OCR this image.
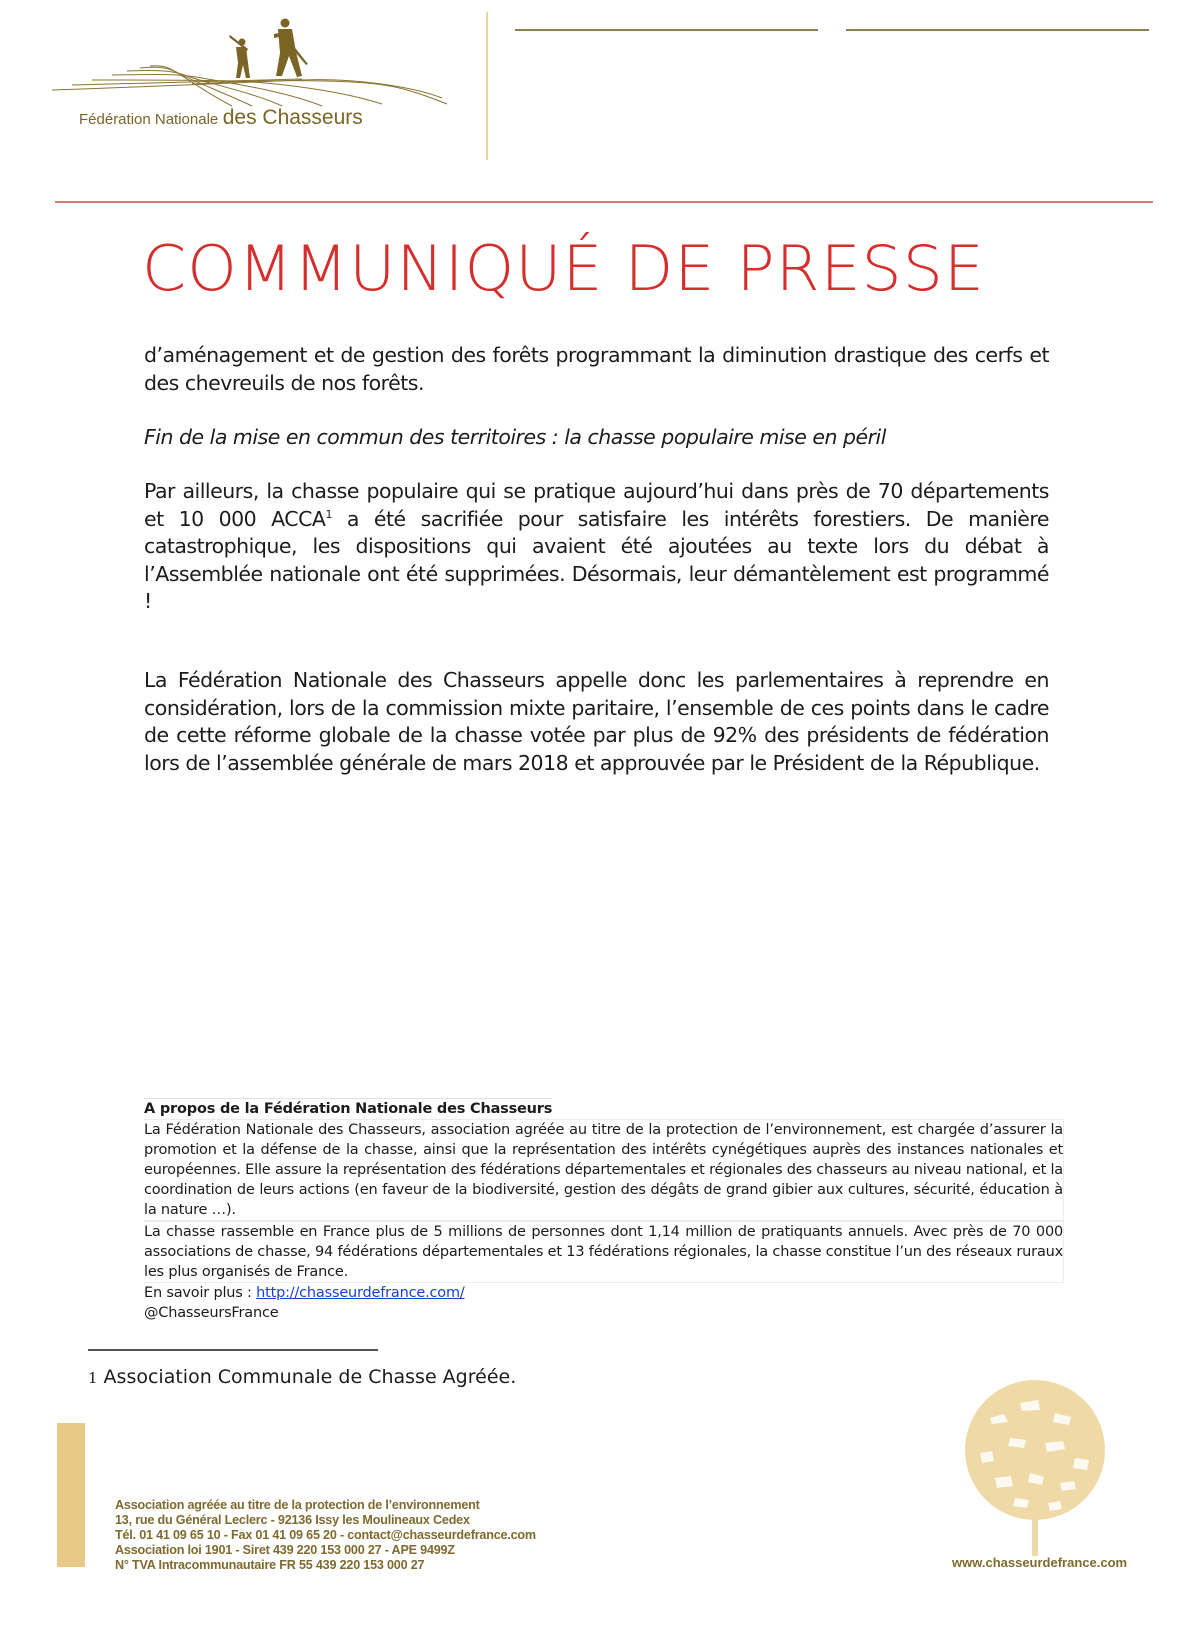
Fédération Nationale des Chasseurs
COMMUNIQUÉ DE PRESSE
d’aménagement et de gestion des forêts programmant la diminution drastique des cerfs et des chevreuils de nos forêts.
Fin de la mise en commun des territoires : la chasse populaire mise en péril
Par ailleurs, la chasse populaire qui se pratique aujourd’hui dans près de 70 départements et 10 000 ACCA$^1$ a été sacrifiée pour satisfaire les intérêts forestiers. De manière catastrophique, les dispositions qui avaient été ajoutées au texte lors du débat à l’Assemblée nationale ont été supprimées. Désormais, leur démantèlement est programmé !
La Fédération Nationale des Chasseurs appelle donc les parlementaires à reprendre en considération, lors de la commission mixte paritaire, l’ensemble de ces points dans le cadre de cette réforme globale de la chasse votée par plus de 92% des présidents de fédération lors de l’assemblée générale de mars 2018 et approuvée par le Président de la République.
A propos de la Fédération Nationale des Chasseurs
La Fédération Nationale des Chasseurs, association agréée au titre de la protection de l’environnement, est chargée d’assurer la promotion et la défense de la chasse, ainsi que la représentation des intérêts cynégétiques auprès des instances nationales et européennes. Elle assure la représentation des fédérations départementales et régionales des chasseurs au niveau national, et la coordination de leurs actions (en faveur de la biodiversité, gestion des dégâts de grand gibier aux cultures, sécurité, éducation à la nature …).
La chasse rassemble en France plus de 5 millions de personnes dont 1,14 million de pratiquants annuels. Avec près de 70 000 associations de chasse, 94 fédérations départementales et 13 fédérations régionales, la chasse constitue l’un des réseaux ruraux les plus organisés de France.
En savoir plus : http://chasseurdefrance.com/
@ChasseursFrance
1 Association Communale de Chasse Agréée.
Association agréée au titre de la protection de l’environnement
13, rue du Général Leclerc - 92136 Issy les Moulineaux Cedex
Tél. 01 41 09 65 10 - Fax 01 41 09 65 20 - contact@chasseurdefrance.com
Association loi 1901 - Siret 439 220 153 000 27 - APE 9499Z
N° TVA Intracommunautaire FR 55 439 220 153 000 27	www.chasseurdefrance.com
